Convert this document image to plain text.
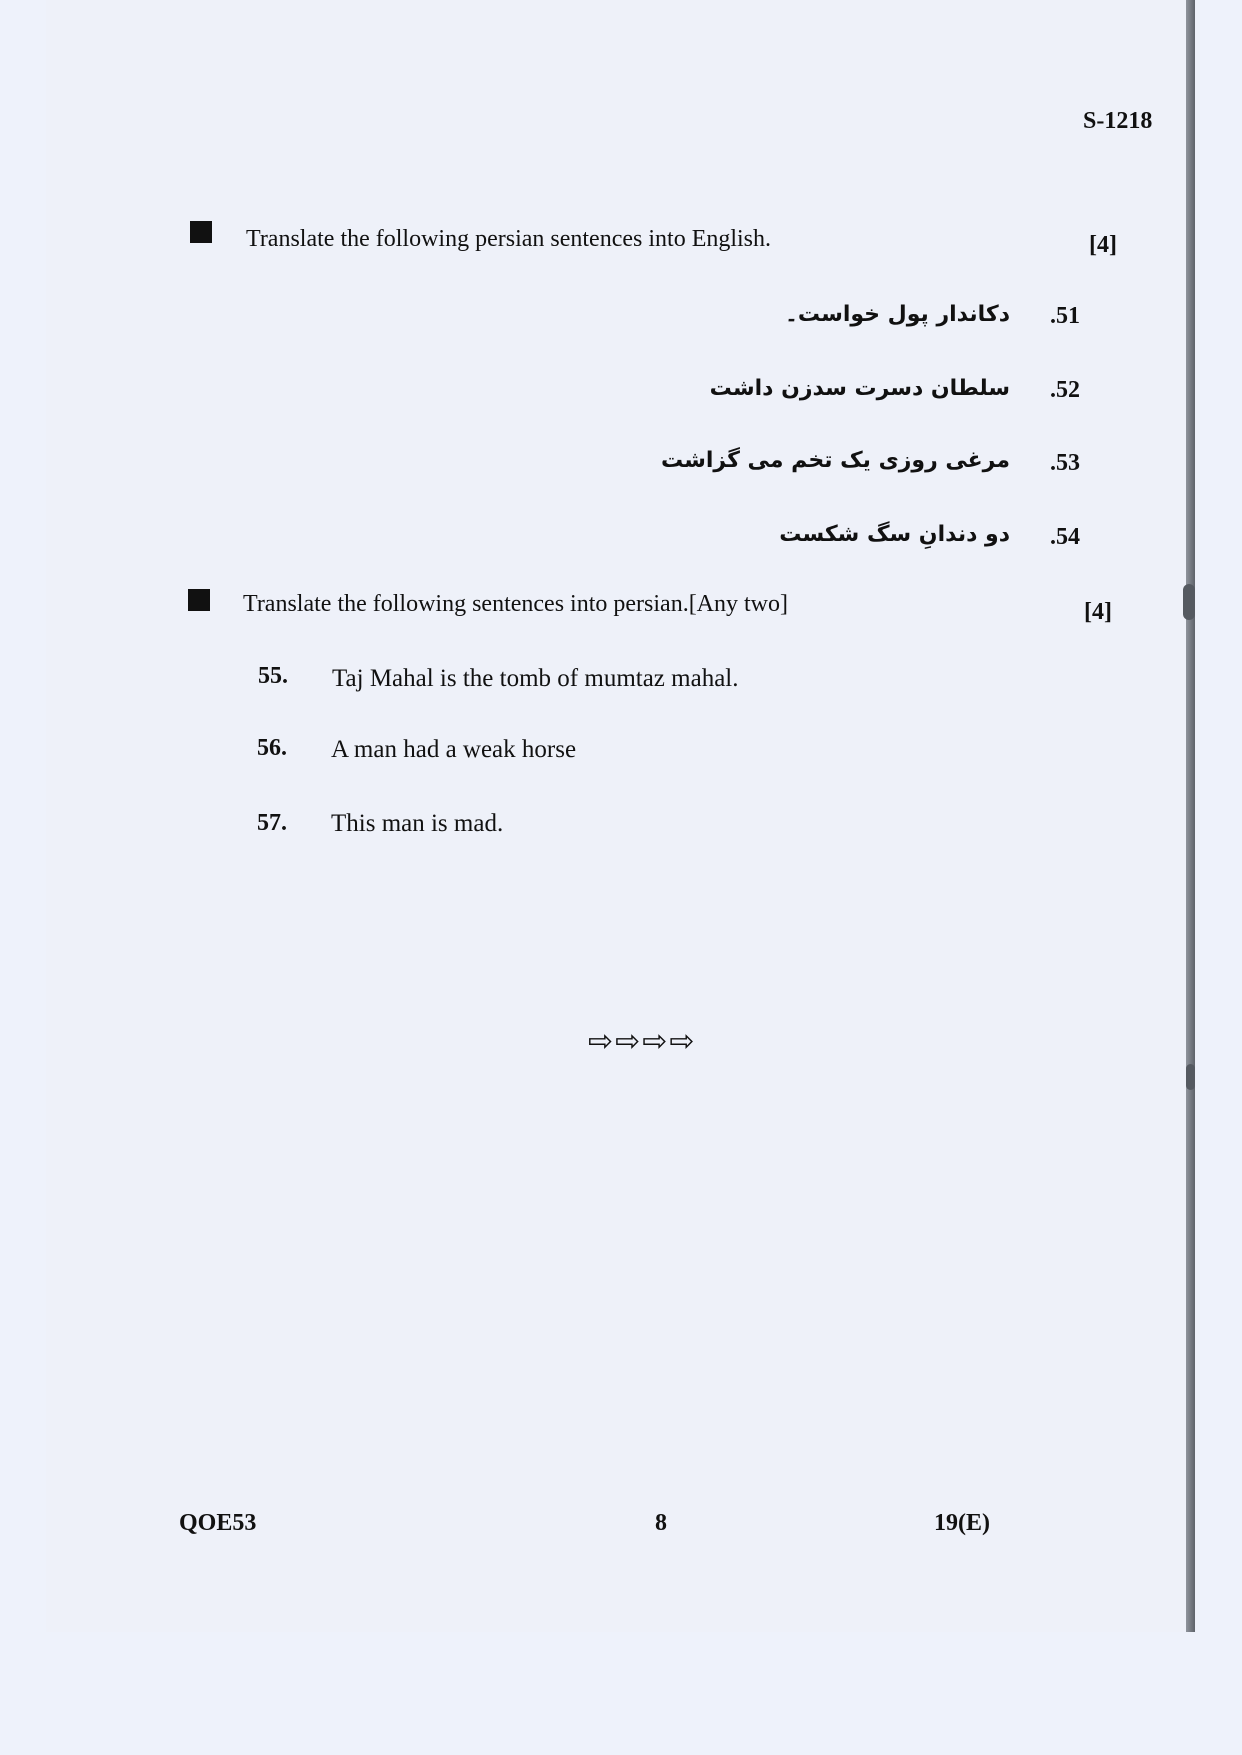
S-1218
Translate the following persian sentences into English.	[4]
.51
دکاندار پول خواست۔
.52
سلطان دسرت سدزن داشت
.53
مرغی روزی یک تخم می گزاشت
.54
دو دندانِ سگ شکست
Translate the following sentences into persian.[Any two]	[4]
55. Taj Mahal is the tomb of mumtaz mahal.
56. A man had a weak horse
57. This man is mad.
⇨⇨⇨⇨
QOE53	8	19(E)
